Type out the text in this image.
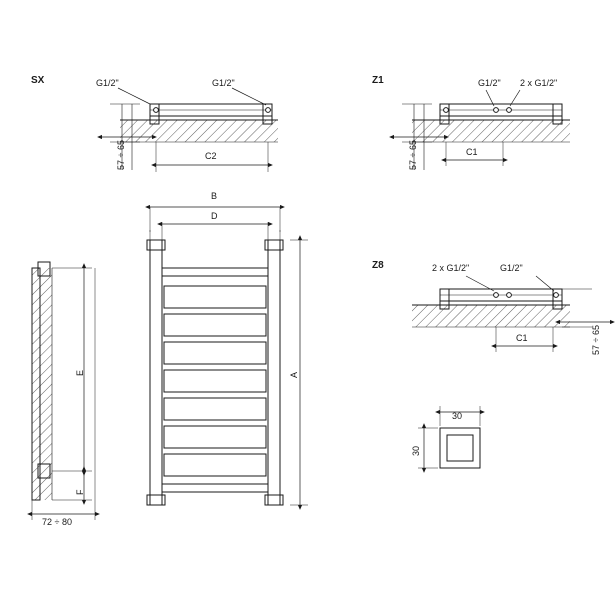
SX	G1/2"	G1/2"
57 ÷ 65	C2
Z1	G1/2" 2 x G1/2"
57 ÷ 65	C1
Z8	2 x G1/2"	G1/2"
57 ÷ 65
C1
B
D
A
E
F
72 ÷ 80
30
30
